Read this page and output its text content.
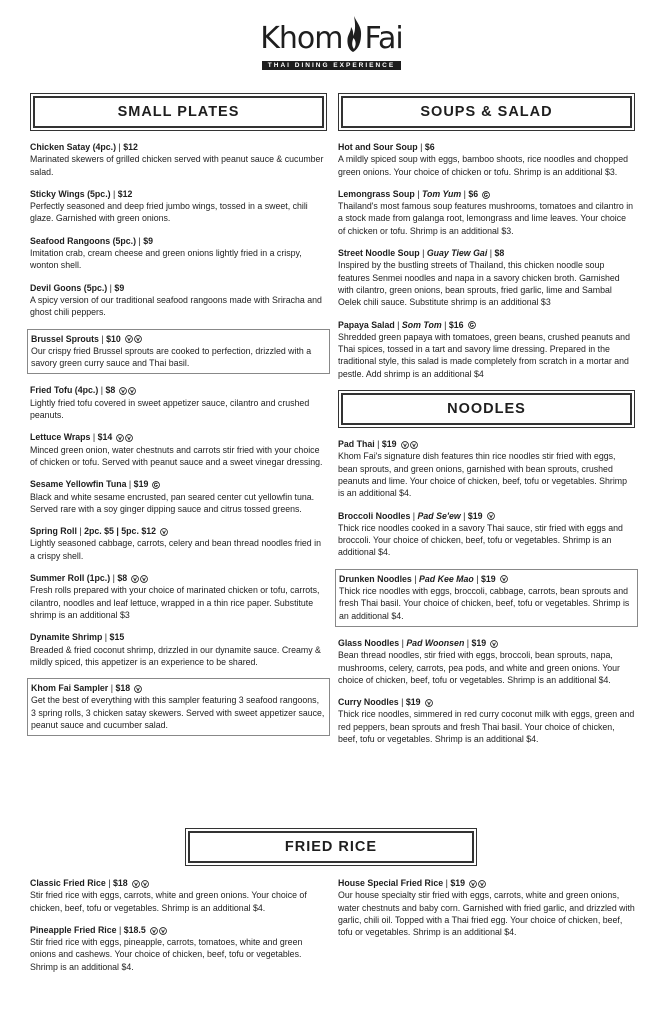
Khom Fai

THAI DINING EXPERIENCE
SMALL PLATES
Chicken Satay (4pc.) | $12

Marinated skewers of grilled chicken served with peanut sauce & cucumber salad.

Sticky Wings (5pc.) | $12

Perfectly seasoned and deep fried jumbo wings, tossed in a sweet, chili glaze. Garnished with green onions.

Seafood Rangoons (5pc.) | $9

Imitation crab, cream cheese and green onions lightly fried in a crispy, wonton shell.

Devil Goons (5pc.) | $9

A spicy version of our traditional seafood rangoons made with Sriracha and ghost chili peppers.

Brussel Sprouts | $10

Our crispy fried Brussel sprouts are cooked to perfection, drizzled with a savory green curry sauce and Thai basil.

Fried Tofu (4pc.) | $8

Lightly fried tofu covered in sweet appetizer sauce, cilantro and crushed peanuts.

Lettuce Wraps | $14

Minced green onion, water chestnuts and carrots stir fried with your choice of chicken or tofu. Served with peanut sauce and a sweet vinegar dressing.

Sesame Yellowfin Tuna | $19

Black and white sesame encrusted, pan seared center cut yellowfin tuna. Served rare with a soy ginger dipping sauce and citrus tossed greens.

Spring Roll | 2pc. $5 | 5pc. $12

Lightly seasoned cabbage, carrots, celery and bean thread noodles fried in a crispy shell.

Summer Roll (1pc.) | $8

Fresh rolls prepared with your choice of marinated chicken or tofu, carrots, cilantro, noodles and leaf lettuce, wrapped in a thin rice paper. Substitute shrimp is an additional $3

Dynamite Shrimp | $15

Breaded & fried coconut shrimp, drizzled in our dynamite sauce. Creamy & mildly spiced, this appetizer is an experience to be shared.

Khom Fai Sampler | $18

Get the best of everything with this sampler featuring 3 seafood rangoons, 3 spring rolls, 3 chicken satay skewers. Served with sweet appetizer sauce, peanut sauce and cucumber salad.

SOUPS & SALAD
Hot and Sour Soup | $6

A mildly spiced soup with eggs, bamboo shoots, rice noodles and chopped green onions. Your choice of chicken or tofu. Shrimp is an additional $3.

Lemongrass Soup | Tom Yum | $6

Thailand's most famous soup features mushrooms, tomatoes and cilantro in a stock made from galanga root, lemongrass and lime leaves. Your choice of chicken or tofu. Shrimp is an additional $3.

Street Noodle Soup | Guay Tiew Gai | $8

Inspired by the bustling streets of Thailand, this chicken noodle soup features Senmei noodles and napa in a savory chicken broth. Garnished with cilantro, green onions, bean sprouts, fried garlic, lime and Sambal Oelek chili sauce. Substitute shrimp is an additional $3

Papaya Salad | Som Tom | $16

Shredded green papaya with tomatoes, green beans, crushed peanuts and Thai spices, tossed in a tart and savory lime dressing. Prepared in the traditional style, this salad is made completely from scratch in a mortar and pestle. Add shrimp is an additional $4

NOODLES
Pad Thai | $19

Khom Fai's signature dish features thin rice noodles stir fried with eggs, bean sprouts, and green onions, garnished with bean sprouts, crushed peanuts and lime. Your choice of chicken, beef, tofu or vegetables. Shrimp is an additional $4.

Broccoli Noodles | Pad Se'ew | $19

Thick rice noodles cooked in a savory Thai sauce, stir fried with eggs and broccoli. Your choice of chicken, beef, tofu or vegetables. Shrimp is an additional $4.

Drunken Noodles | Pad Kee Mao | $19

Thick rice noodles with eggs, broccoli, cabbage, carrots, bean sprouts and fresh Thai basil. Your choice of chicken, beef, tofu or vegetables. Shrimp is an additional $4.

Glass Noodles | Pad Woonsen | $19

Bean thread noodles, stir fried with eggs, broccoli, bean sprouts, napa, mushrooms, celery, carrots, pea pods, and white and green onions. Your choice of chicken, beef, tofu or vegetables. Shrimp is an additional $4.

Curry Noodles | $19

Thick rice noodles, simmered in red curry coconut milk with eggs, green and red peppers, bean sprouts and fresh Thai basil. Your choice of chicken, beef, tofu or vegetables. Shrimp is an additional $4.

FRIED RICE
Classic Fried Rice | $18

Stir fried rice with eggs, carrots, white and green onions. Your choice of chicken, beef, tofu or vegetables. Shrimp is an additional $4.

Pineapple Fried Rice | $18.5

Stir fried rice with eggs, pineapple, carrots, tomatoes, white and green onions and cashews. Your choice of chicken, beef, tofu or vegetables. Shrimp is an additional $4.

House Special Fried Rice | $19

Our house specialty stir fried with eggs, carrots, white and green onions, water chestnuts and baby corn. Garnished with fried garlic, and drizzled with garlic, chili oil. Topped with a Thai fried egg. Your choice of chicken, beef, tofu or vegetables. Shrimp is an additional $4.
